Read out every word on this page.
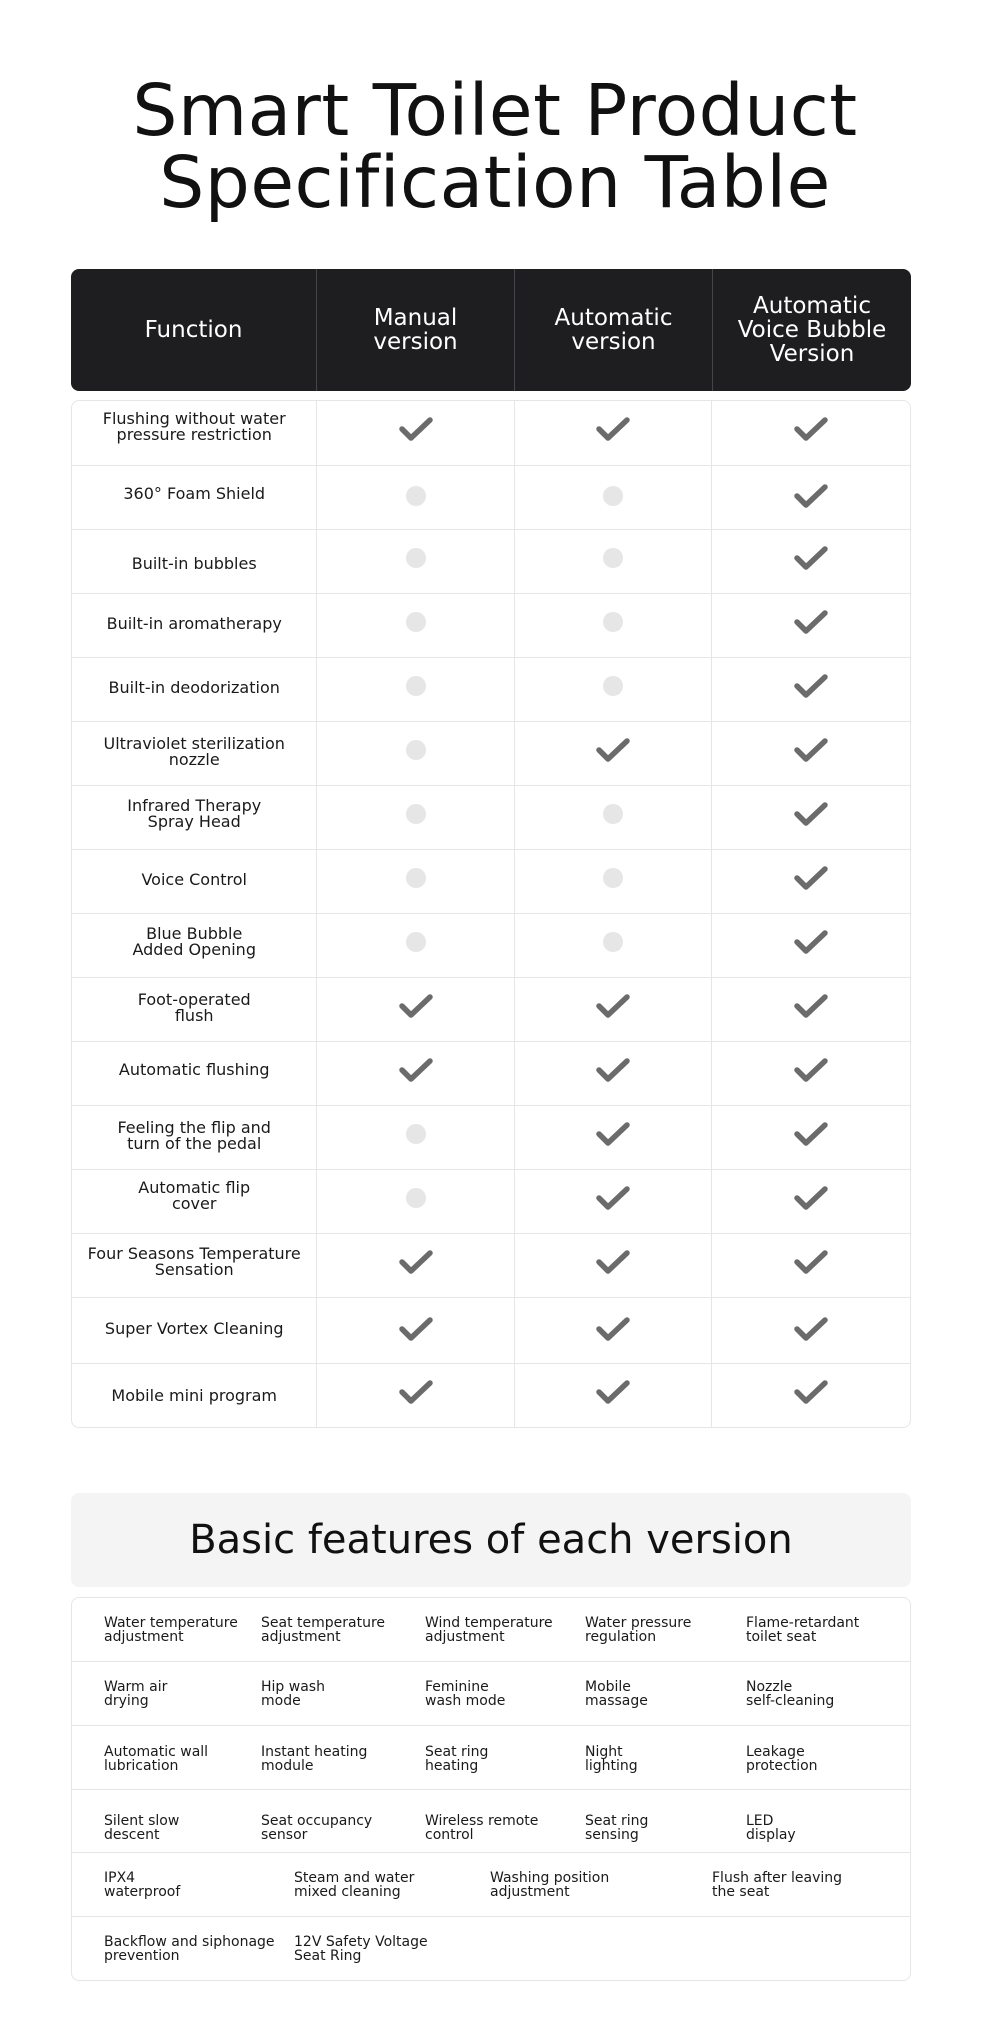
Smart Toilet Product
Specification Table
Function	Manual
version
Automatic
version
Automatic
Voice Bubble
Version
Flushing without water
pressure restriction
360° Foam Shield
Built-in bubbles
Built-in aromatherapy
Built-in deodorization
Ultraviolet sterilization
nozzle
Infrared Therapy
Spray Head
Voice Control
Blue Bubble
Added Opening
Foot-operated
flush
Automatic flushing
Feeling the flip and
turn of the pedal
Automatic flip
cover
Four Seasons Temperature
Sensation
Super Vortex Cleaning
Mobile mini program
Basic features of each version
Water temperature
adjustment
Seat temperature
adjustment
Wind temperature
adjustment
Water pressure
regulation
Flame-retardant
toilet seat
Warm air
drying
Hip wash
mode
Feminine
wash mode
Mobile
massage
Nozzle
self-cleaning
Automatic wall
lubrication
Instant heating
module
Seat ring
heating
Night
lighting
Leakage
protection
Silent slow
descent
Seat occupancy
sensor
Wireless remote
control
Seat ring
sensing
LED
display
IPX4
waterproof
Steam and water
mixed cleaning
Washing position
adjustment
Flush after leaving
the seat
Backflow and siphonage
prevention
12V Safety Voltage
Seat Ring
